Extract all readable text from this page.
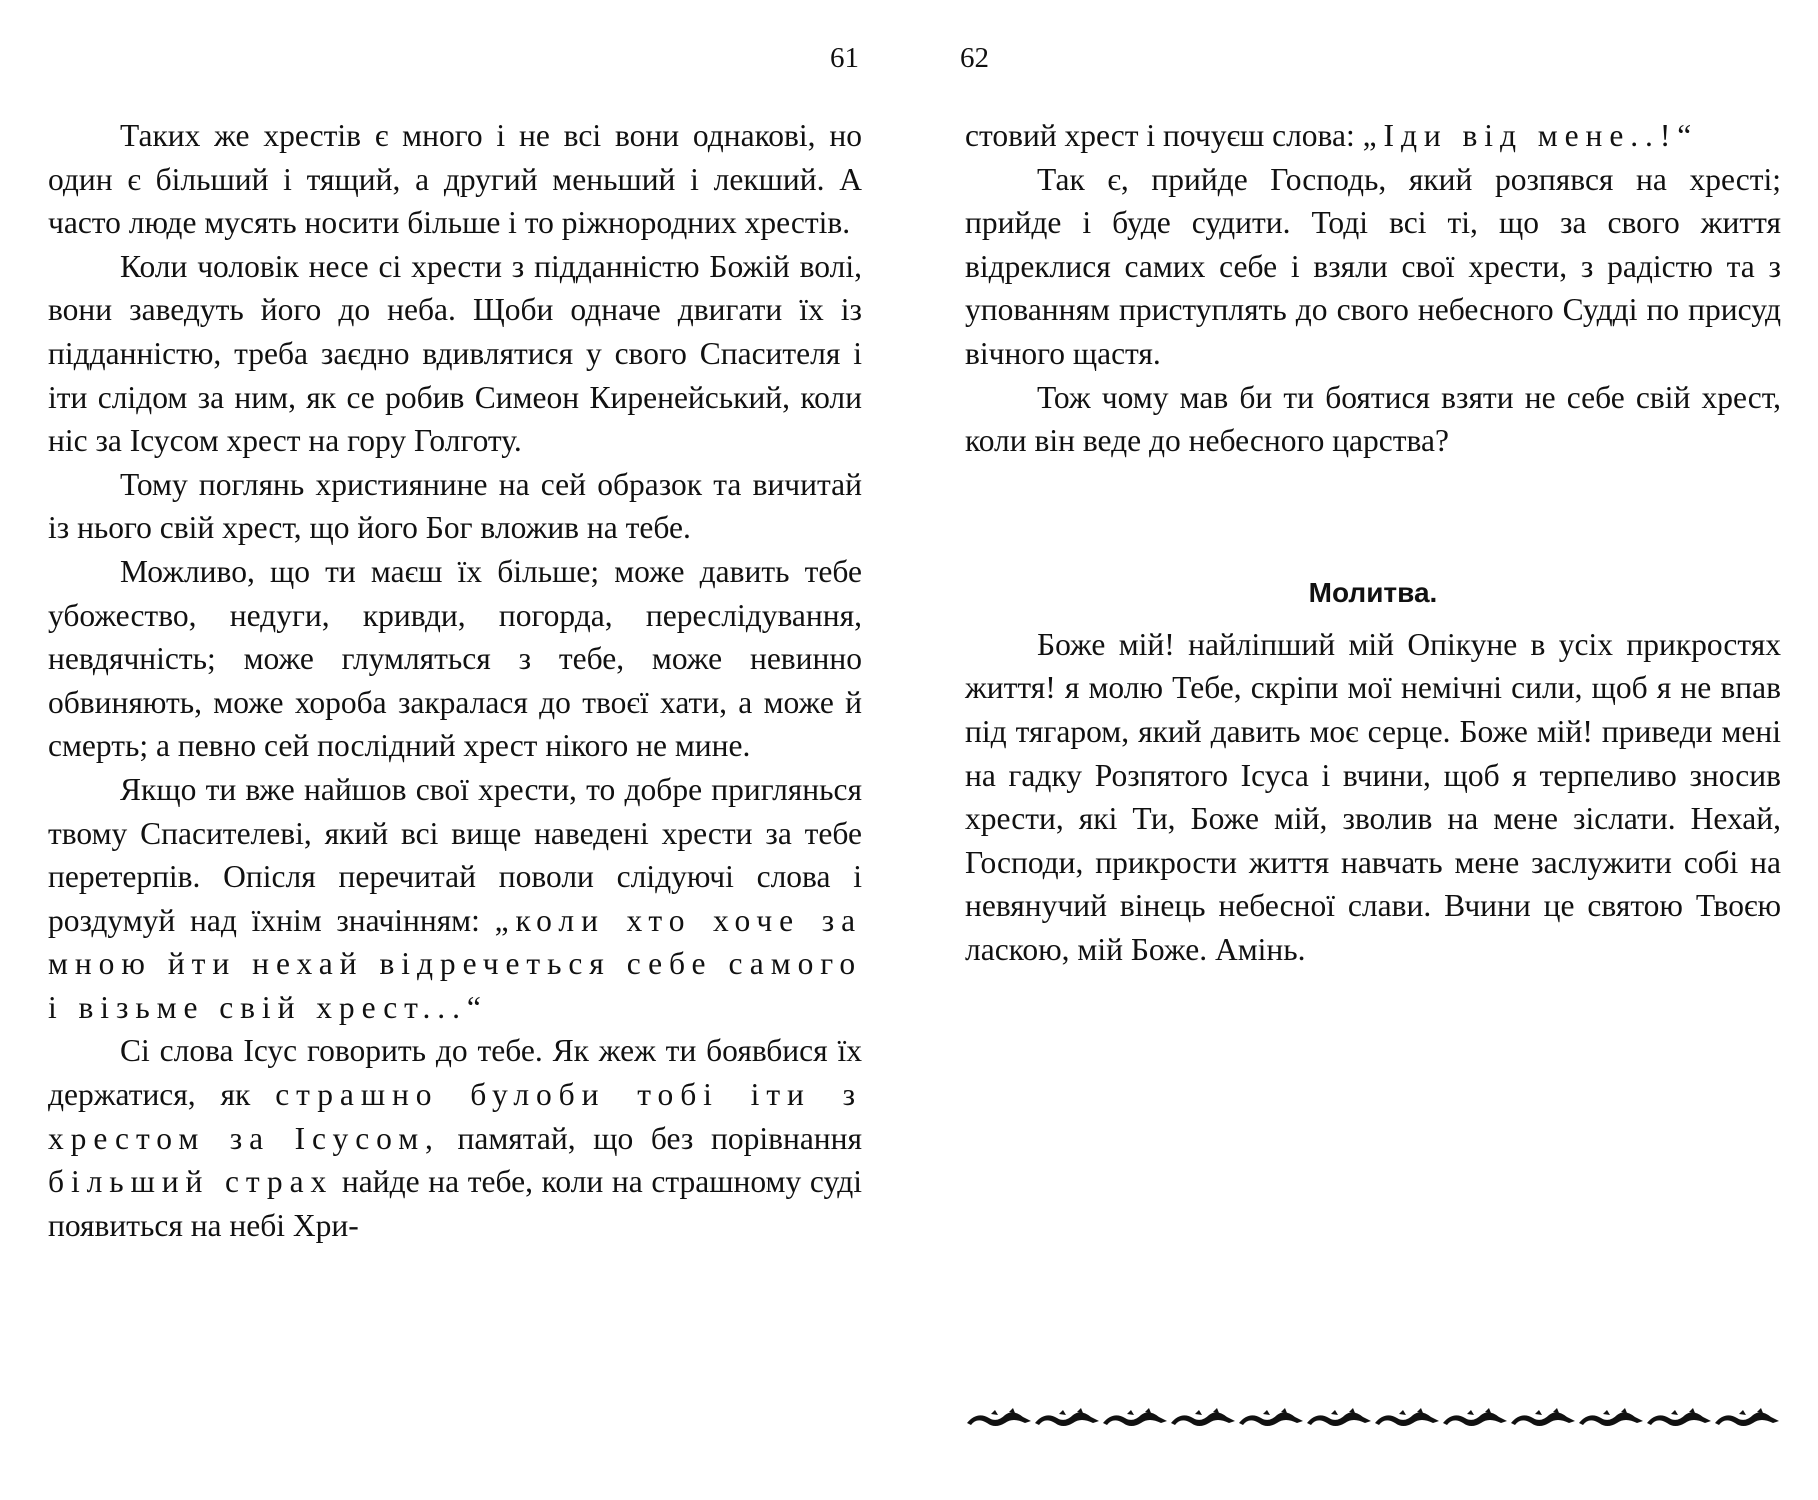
61

Таких же хрестів є много і не всі вони однакові, но один є більший і тящий, а другий меньший і лекший. А часто люде мусять носити більше і то ріжнородних хрестів.

Коли чоловік несе сі хрести з підданністю Божій волі, вони заведуть його до неба. Щоби одначе двигати їх із підданністю, треба заєдно вдивлятися у свого Спасителя і іти слідом за ним, як се робив Симеон Киренейський, коли ніс за Ісусом хрест на гору Голготу.

Тому поглянь християнине на сей образок та вичитай із нього свій хрест, що його Бог вложив на тебе.

Можливо, що ти маєш їх більше; може давить тебе убожество, недуги, кривди, погорда, переслідування, невдячність; може глумляться з тебе, може невинно обвиняють, може хороба закралася до твоєї хати, а може й смерть; а певно сей послідний хрест нікого не мине.

Якщо ти вже найшов свої хрести, то добре приглянься твому Спасителеві, який всі вище наведені хрести за тебе перетерпів. Опісля перечитай поволи слідуючі слова і роздумуй над їхнім значінням: „коли хто хоче за мною йти нехай відречеться себе самого і візьме свій хрест...“

Сі слова Ісус говорить до тебе. Як жеж ти боявбися їх держатися, як страшно булоби тобі іти з хрестом за Ісусом, памятай, що без порівнання більший страх найде на тебе, коли на страшному суді появиться на небі Хри-

62

стовий хрест і почуєш слова: „Іди від мене..!“

Так є, прийде Господь, який розпявся на хресті; прийде і буде судити. Тоді всі ті, що за свого життя відреклися самих себе і взяли свої хрести, з радістю та з упованням приступлять до свого небесного Судді по присуд вічного щастя.

Тож чому мав би ти боятися взяти не себе свій хрест, коли він веде до небесного царства?

Молитва.

Боже мій! найліпший мій Опікуне в усіх прикростях життя! я молю Тебе, скріпи мої немічні сили, щоб я не впав під тягаром, який давить моє серце. Боже мій! приведи мені на гадку Розпятого Ісуса і вчини, щоб я терпеливо зносив хрести, які Ти, Боже мій, зволив на мене зіслати. Нехай, Господи, прикрости життя навчать мене заслужити собі на невянучий вінець небесної слави. Вчини це святою Твоєю ласкою, мій Боже. Амінь.
